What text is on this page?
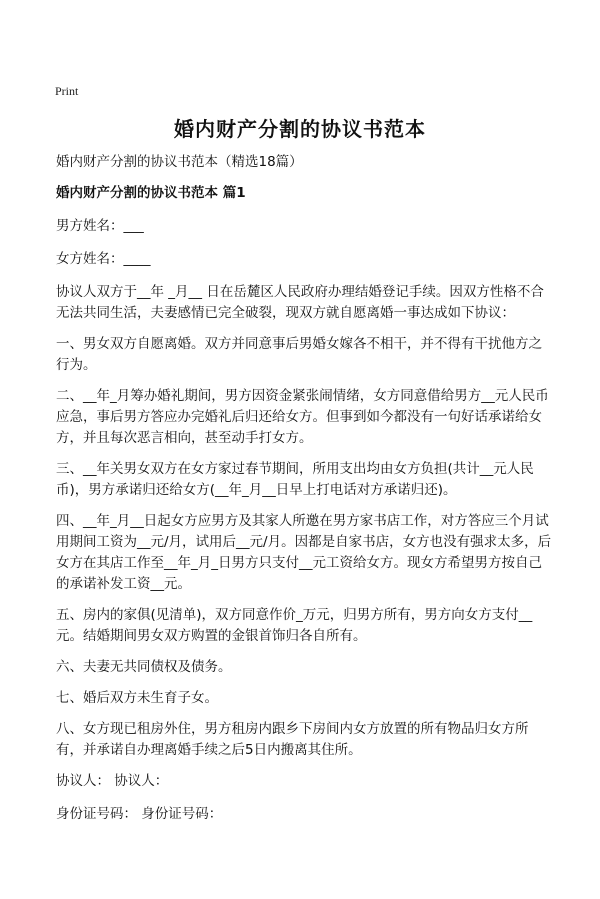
Print
婚内财产分割的协议书范本

婚内财产分割的协议书范本（精选18篇）

婚内财产分割的协议书范本 篇1

男方姓名：___

女方姓名：____

协议人双方于__年 _月__ 日在岳麓区人民政府办理结婚登记手续。因双方性格不合无法共同生活，夫妻感情已完全破裂，现双方就自愿离婚一事达成如下协议：

一、男女双方自愿离婚。双方并同意事后男婚女嫁各不相干，并不得有干扰他方之行为。

二、__年_月筹办婚礼期间，男方因资金紧张闹情绪，女方同意借给男方__元人民币应急，事后男方答应办完婚礼后归还给女方。但事到如今都没有一句好话承诺给女方，并且每次恶言相向，甚至动手打女方。

三、__年关男女双方在女方家过春节期间，所用支出均由女方负担(共计__元人民币)，男方承诺归还给女方(__年_月__日早上打电话对方承诺归还)。

四、__年_月__日起女方应男方及其家人所邀在男方家书店工作，对方答应三个月试用期间工资为__元/月，试用后__元/月。因都是自家书店，女方也没有强求太多，后女方在其店工作至__年_月_日男方只支付__元工资给女方。现女方希望男方按自己的承诺补发工资__元。

五、房内的家俱(见清单)，双方同意作价_万元，归男方所有，男方向女方支付__元。结婚期间男女双方购置的金银首饰归各自所有。

六、夫妻无共同债权及债务。

七、婚后双方未生育子女。

八、女方现已租房外住，男方租房内跟乡下房间内女方放置的所有物品归女方所有，并承诺自办理离婚手续之后5日内搬离其住所。

协议人： 协议人：

身份证号码： 身份证号码：
